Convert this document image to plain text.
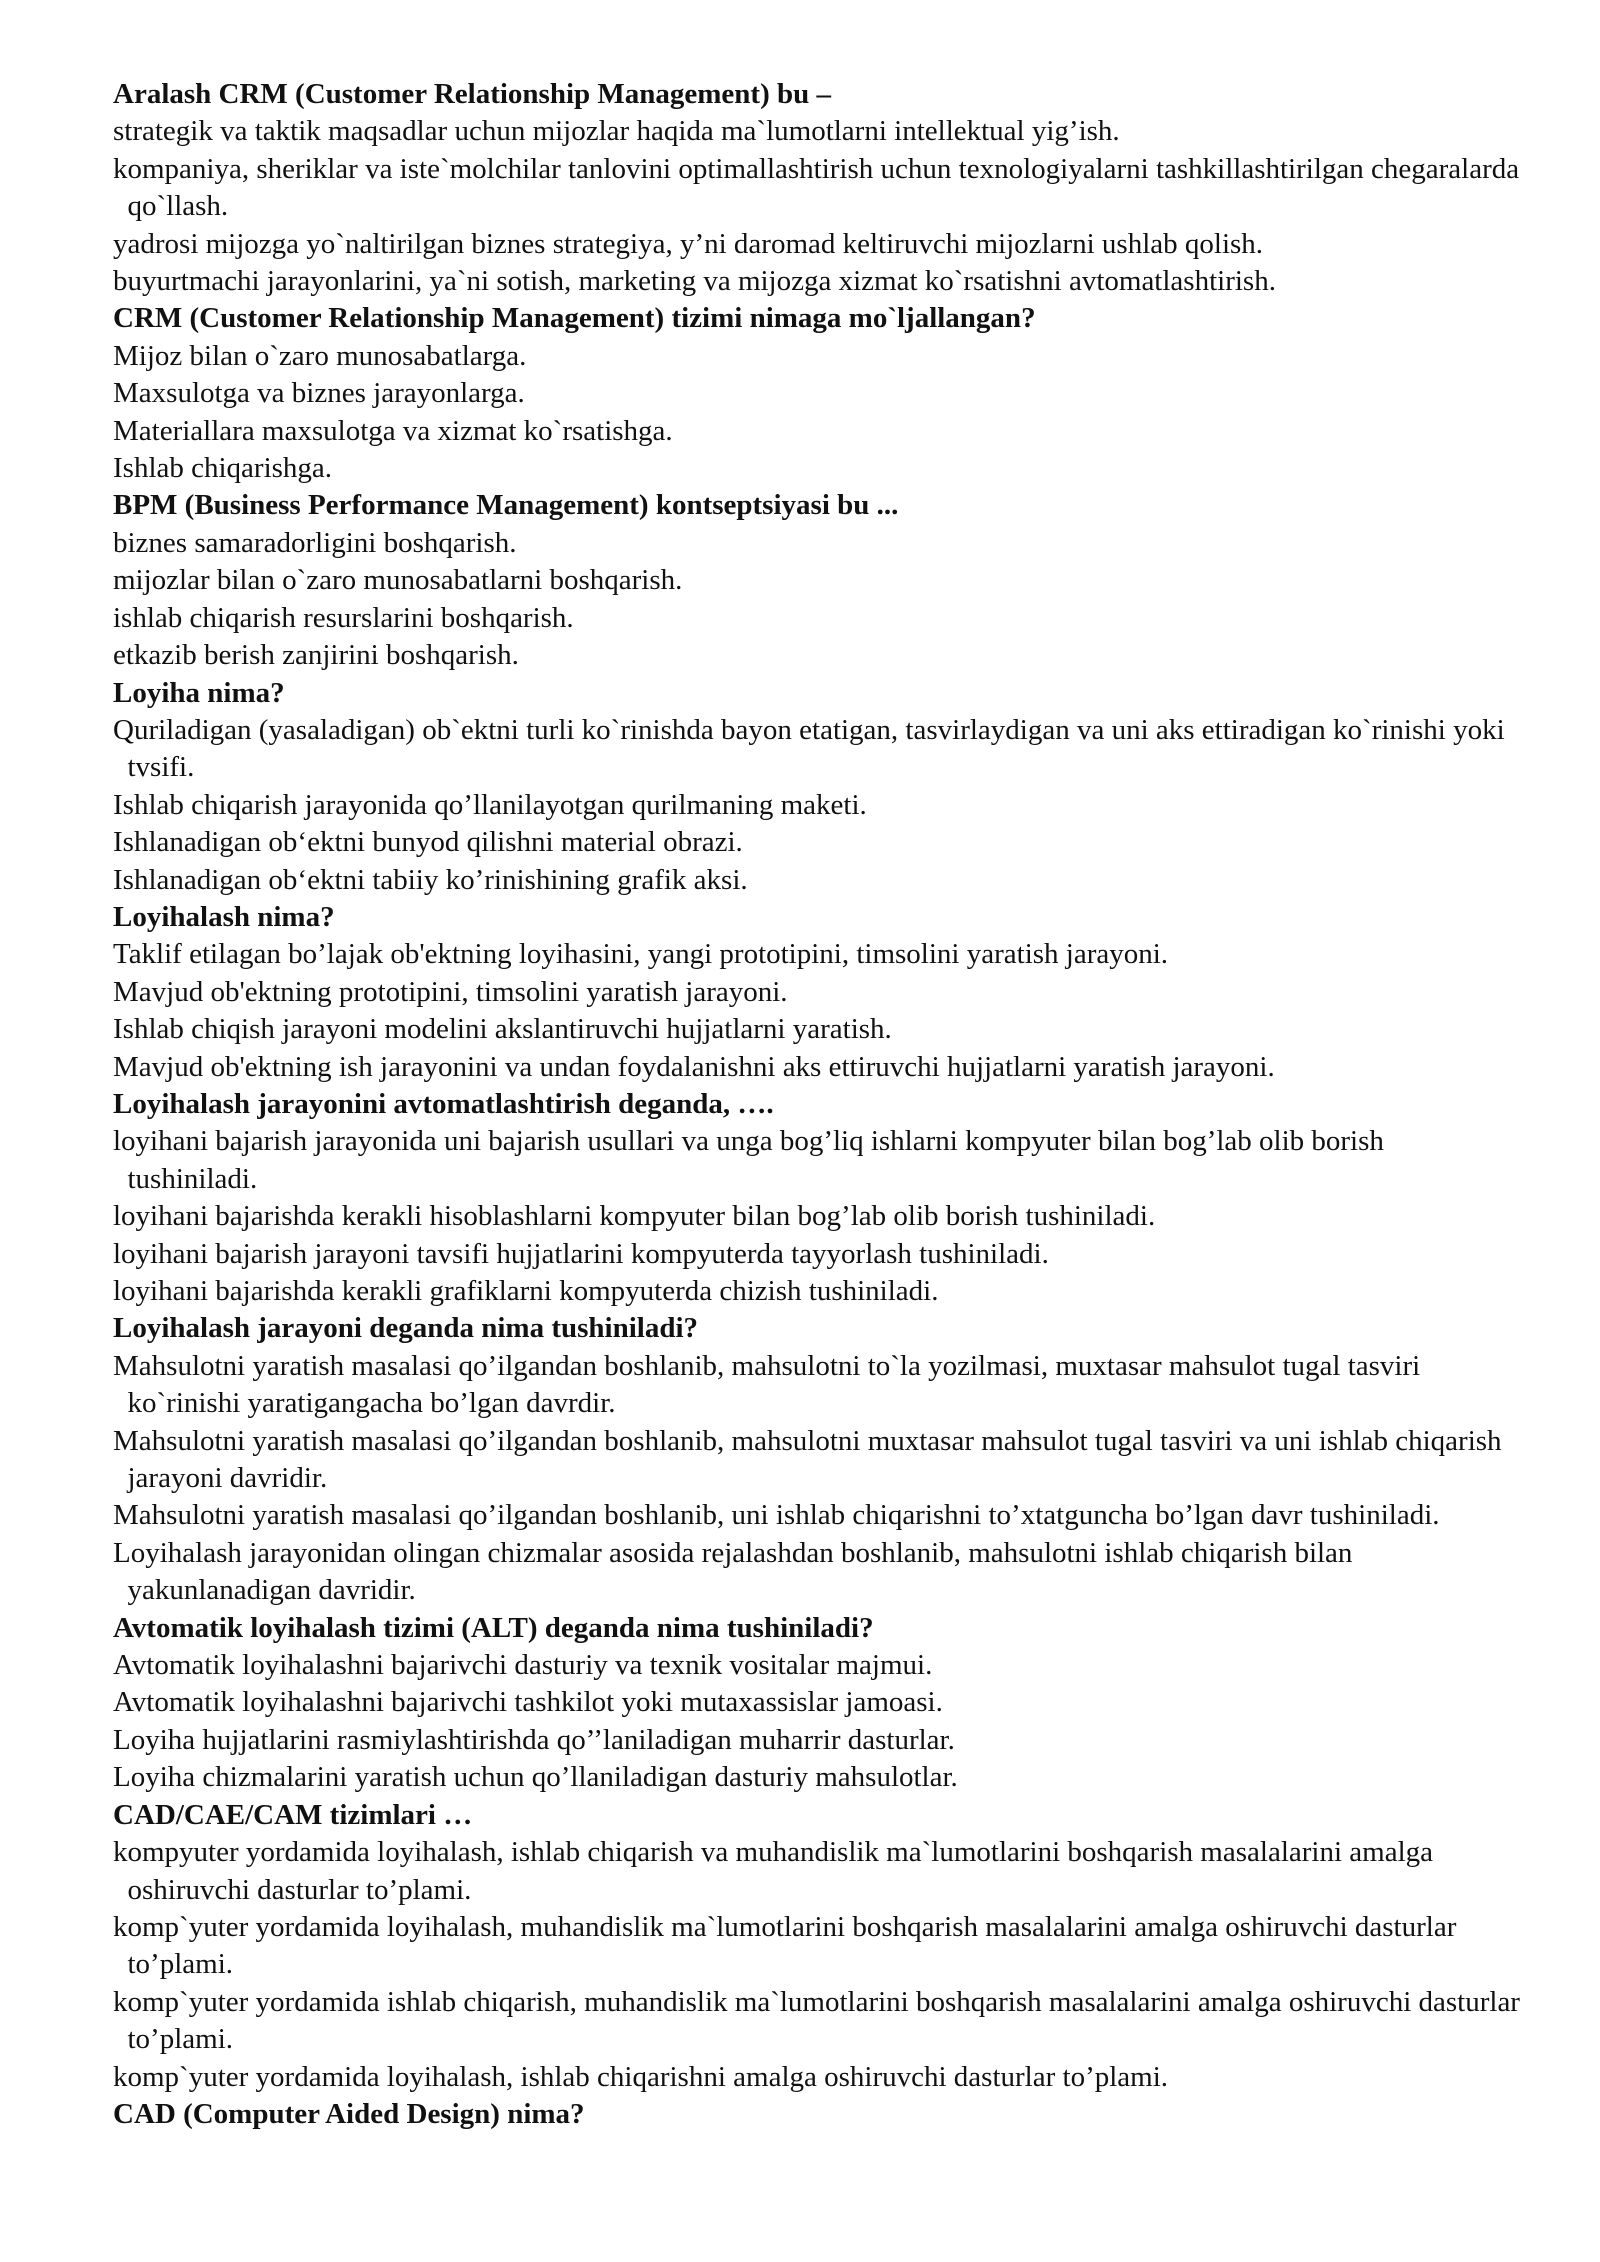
Aralash CRM (Customer Relationship Management) bu –

strategik va taktik maqsadlar uchun mijozlar haqida ma`lumotlarni intellektual yig’ish.

kompaniya, sheriklar va iste`molchilar tanlovini optimallashtirish uchun texnologiyalarni tashkillashtirilgan chegaralarda qo`llash.

yadrosi mijozga yo`naltirilgan biznes strategiya, y’ni daromad keltiruvchi mijozlarni ushlab qolish.

buyurtmachi jarayonlarini, ya`ni sotish, marketing va mijozga xizmat ko`rsatishni avtomatlashtirish.

CRM (Customer Relationship Management) tizimi nimaga mo`ljallangan?

Mijoz bilan o`zaro munosabatlarga.

Maxsulotga va biznes jarayonlarga.

Materiallara maxsulotga va xizmat ko`rsatishga.

Ishlab chiqarishga.

BPM (Business Performance Management) kontseptsiyasi bu ...

biznes samaradorligini boshqarish.

mijozlar bilan o`zaro munosabatlarni boshqarish.

ishlab chiqarish resurslarini boshqarish.

etkazib berish zanjirini boshqarish.

Loyiha nima?

Quriladigan (yasaladigan) ob`ektni turli ko`rinishda bayon etatigan, tasvirlaydigan va uni aks ettiradigan ko`rinishi yoki tvsifi.

Ishlab chiqarish jarayonida qo’llanilayotgan qurilmaning maketi.

Ishlanadigan ob‘ektni bunyod qilishni material obrazi.

Ishlanadigan ob‘ektni tabiiy ko’rinishining grafik aksi.

Loyihalash nima?

Taklif etilagan bo’lajak ob'ektning loyihasini, yangi prototipini, timsolini yaratish jarayoni.

Mavjud ob'ektning prototipini, timsolini yaratish jarayoni.

Ishlab chiqish jarayoni modelini akslantiruvchi hujjatlarni yaratish.

Mavjud ob'ektning ish jarayonini va undan foydalanishni aks ettiruvchi hujjatlarni yaratish jarayoni.

Loyihalash jarayonini avtomatlashtirish deganda, ….

loyihani bajarish jarayonida uni bajarish usullari va unga bog’liq ishlarni kompyuter bilan bog’lab olib borish tushiniladi.

loyihani bajarishda kerakli hisoblashlarni kompyuter bilan bog’lab olib borish tushiniladi.

loyihani bajarish jarayoni tavsifi hujjatlarini kompyuterda tayyorlash tushiniladi.

loyihani bajarishda kerakli grafiklarni kompyuterda chizish tushiniladi.

Loyihalash jarayoni deganda nima tushiniladi?

Mahsulotni yaratish masalasi qo’ilgandan boshlanib, mahsulotni to`la yozilmasi, muxtasar mahsulot tugal tasviri ko`rinishi yaratigangacha bo’lgan davrdir.

Mahsulotni yaratish masalasi qo’ilgandan boshlanib, mahsulotni muxtasar mahsulot tugal tasviri va uni ishlab chiqarish jarayoni davridir.

Mahsulotni yaratish masalasi qo’ilgandan boshlanib, uni ishlab chiqarishni to’xtatguncha bo’lgan davr tushiniladi.

Loyihalash jarayonidan olingan chizmalar asosida rejalashdan boshlanib, mahsulotni ishlab chiqarish bilan yakunlanadigan davridir.

Avtomatik loyihalash tizimi (ALT) deganda nima tushiniladi?

Avtomatik loyihalashni bajarivchi dasturiy va texnik vositalar majmui.

Avtomatik loyihalashni bajarivchi tashkilot yoki mutaxassislar jamoasi.

Loyiha hujjatlarini rasmiylashtirishda qo’’laniladigan muharrir dasturlar.

Loyiha chizmalarini yaratish uchun qo’llaniladigan dasturiy mahsulotlar.

CAD/CAE/CAM tizimlari …

kompyuter yordamida loyihalash, ishlab chiqarish va muhandislik ma`lumotlarini boshqarish masalalarini amalga oshiruvchi dasturlar to’plami.

komp`yuter yordamida loyihalash, muhandislik ma`lumotlarini boshqarish masalalarini amalga oshiruvchi dasturlar to’plami.

komp`yuter yordamida ishlab chiqarish, muhandislik ma`lumotlarini boshqarish masalalarini amalga oshiruvchi dasturlar to’plami.

komp`yuter yordamida loyihalash, ishlab chiqarishni amalga oshiruvchi dasturlar to’plami.

CAD (Computer Aided Design) nima?
